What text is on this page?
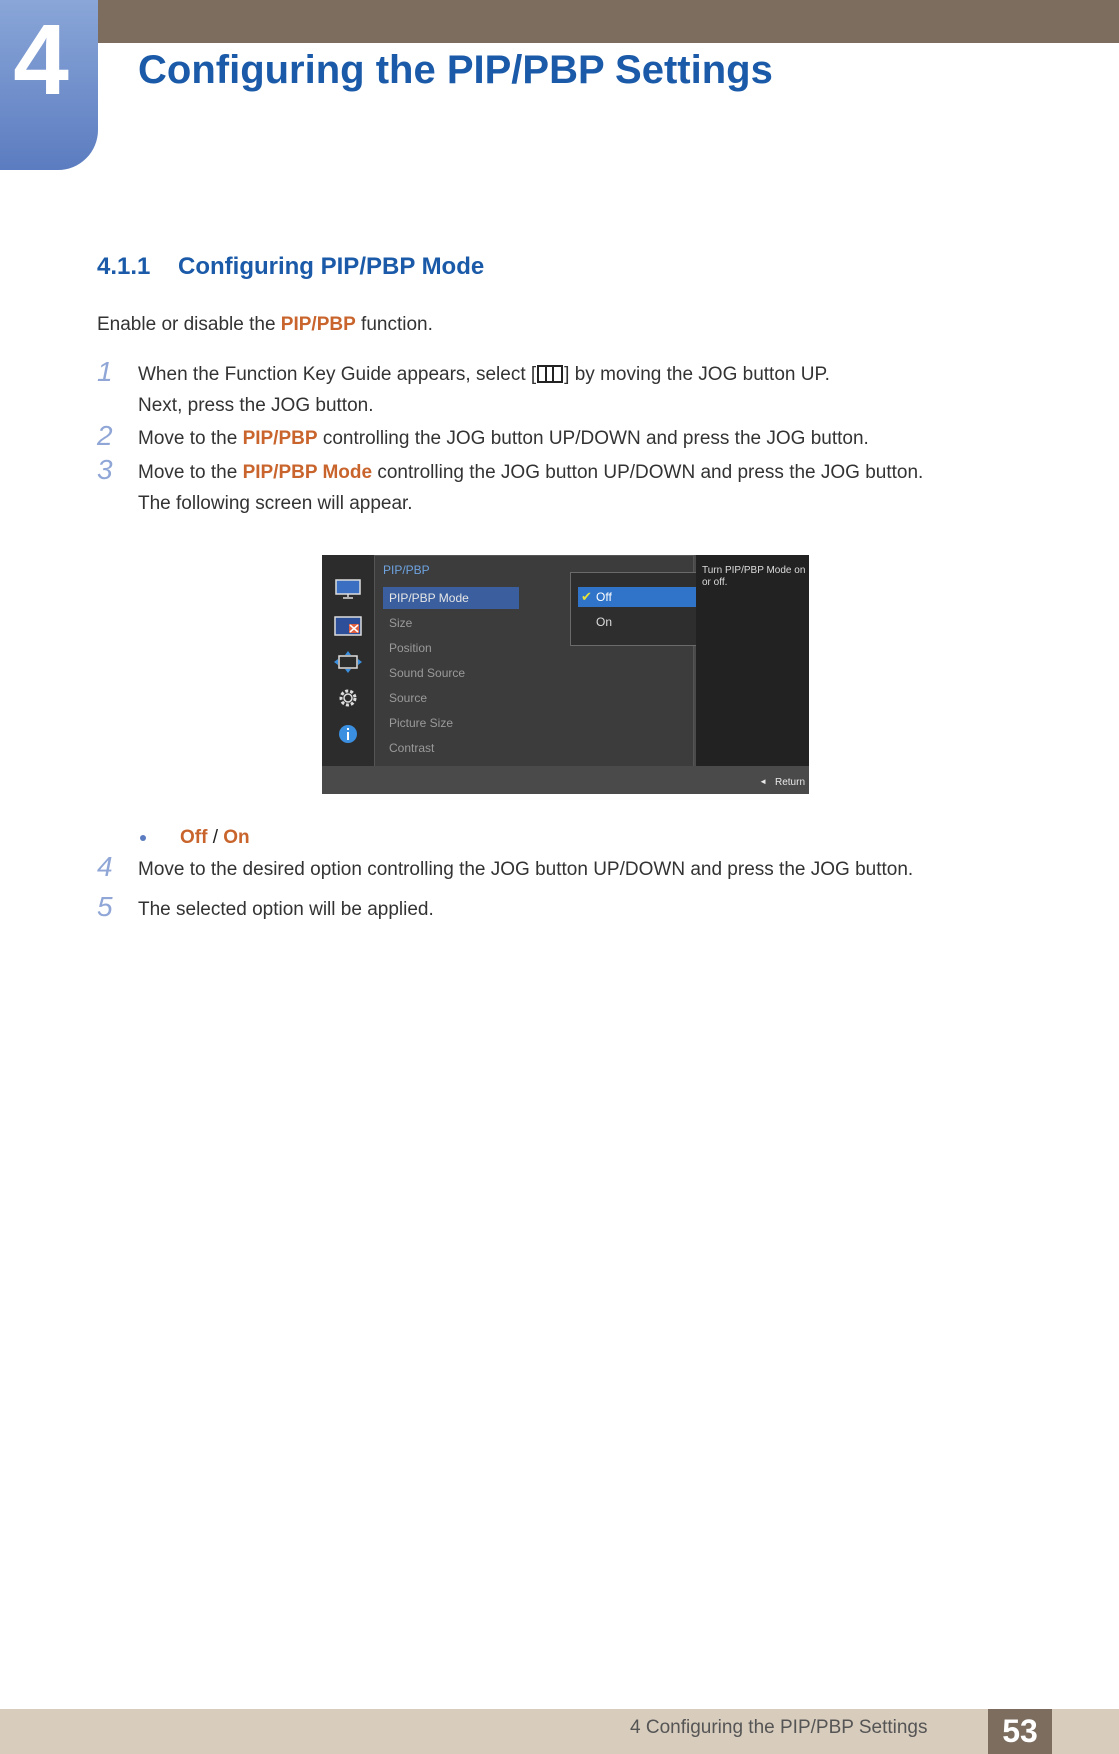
4	Configuring the PIP/PBP Settings
4.1.1 Configuring PIP/PBP Mode
Enable or disable the PIP/PBP function.
1 When the Function Key Guide appears, select [ ] by moving the JOG button UP.
Next, press the JOG button.
2 Move to the PIP/PBP controlling the JOG button UP/DOWN and press the JOG button.
3 Move to the PIP/PBP Mode controlling the JOG button UP/DOWN and press the JOG button.
The following screen will appear.
PIP/PBP
PIP/PBP Mode
Size
Position
Sound Source
Source
Picture Size
Contrast
✔ Off
On
Turn PIP/PBP Mode on or off.
◄ Return
Off / On
4 Move to the desired option controlling the JOG button UP/DOWN and press the JOG button.
5 The selected option will be applied.
4 Configuring the PIP/PBP Settings	53
